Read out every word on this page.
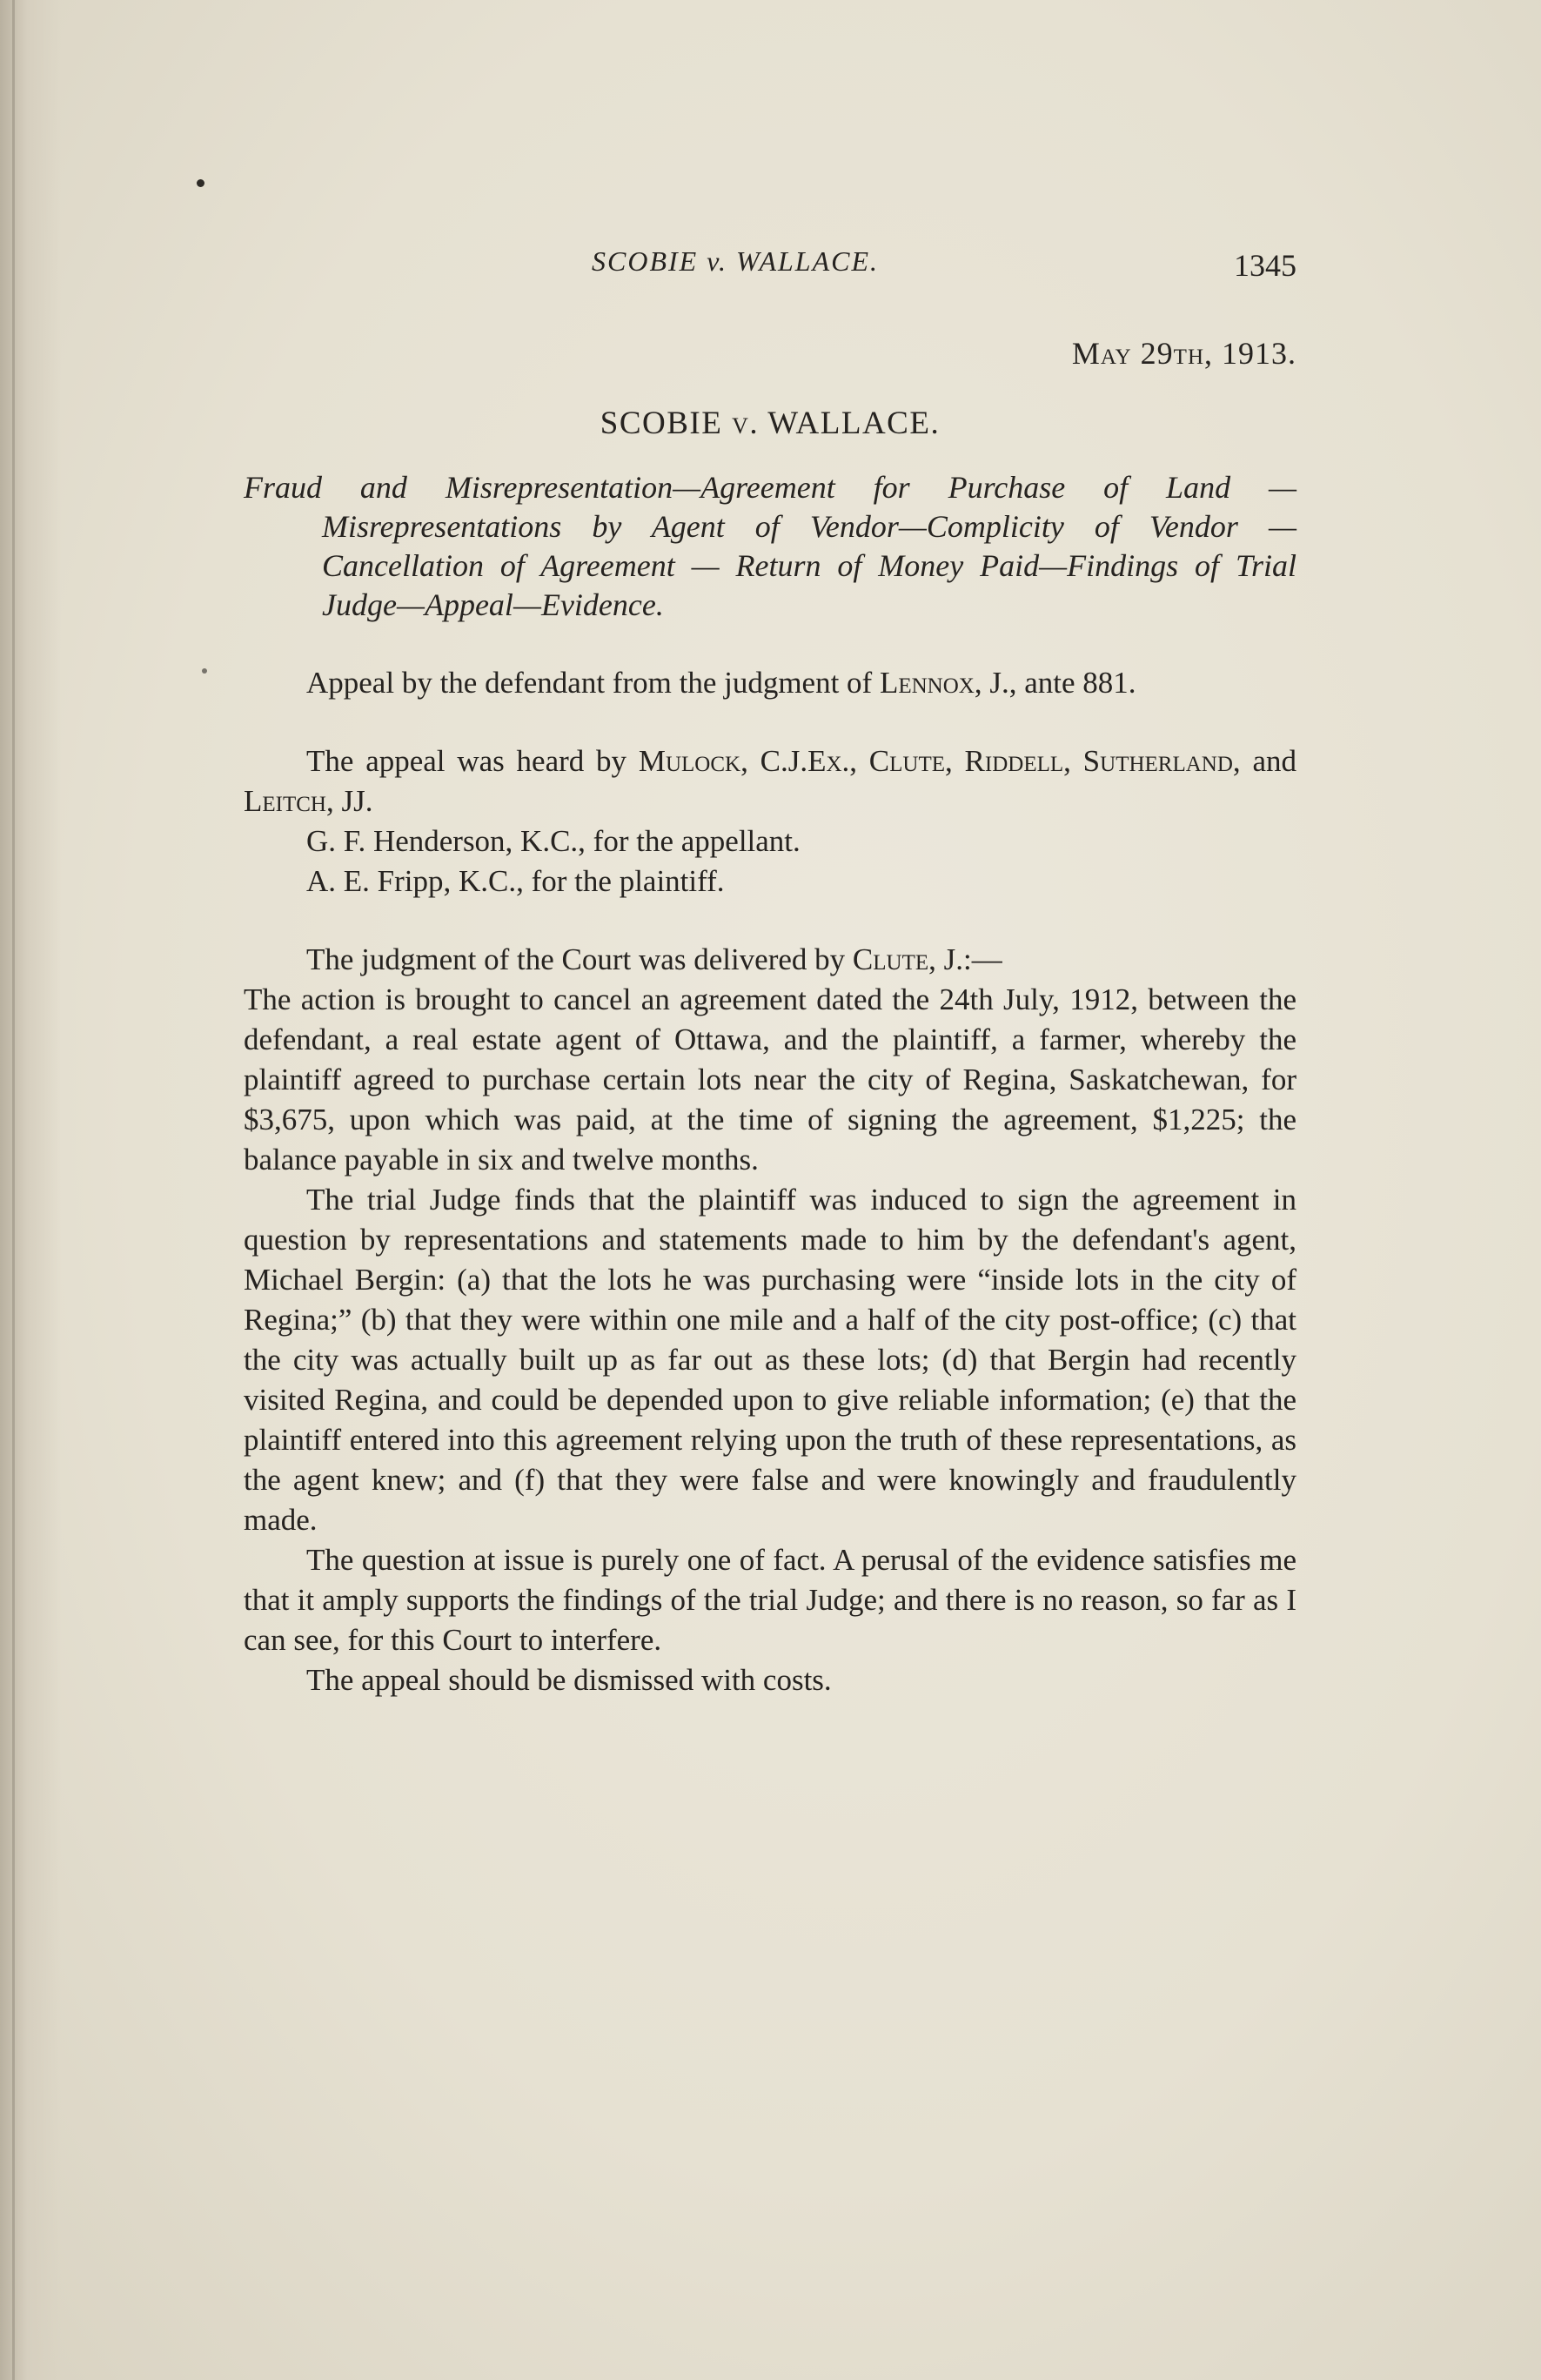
SCOBIE v. WALLACE.	1345
May 29th, 1913.
SCOBIE v. WALLACE.
Fraud and Misrepresentation—Agreement for Purchase of Land —Misrepresentations by Agent of Vendor—Complicity of Vendor — Cancellation of Agreement — Return of Money Paid—Findings of Trial Judge—Appeal—Evidence.

Appeal by the defendant from the judgment of Lennox, J., ante 881.

The appeal was heard by Mulock, C.J.Ex., Clute, Riddell, Sutherland, and Leitch, JJ.

G. F. Henderson, K.C., for the appellant.

A. E. Fripp, K.C., for the plaintiff.

The judgment of the Court was delivered by Clute, J.:—
The action is brought to cancel an agreement dated the 24th July, 1912, between the defendant, a real estate agent of Ottawa, and the plaintiff, a farmer, whereby the plaintiff agreed to purchase certain lots near the city of Regina, Saskatchewan, for $3,675, upon which was paid, at the time of signing the agreement, $1,225; the balance payable in six and twelve months.

The trial Judge finds that the plaintiff was induced to sign the agreement in question by representations and statements made to him by the defendant's agent, Michael Bergin: (a) that the lots he was purchasing were “inside lots in the city of Regina;” (b) that they were within one mile and a half of the city post-office; (c) that the city was actually built up as far out as these lots; (d) that Bergin had recently visited Regina, and could be depended upon to give reliable information; (e) that the plaintiff entered into this agreement relying upon the truth of these representations, as the agent knew; and (f) that they were false and were knowingly and fraudulently made.

The question at issue is purely one of fact. A perusal of the evidence satisfies me that it amply supports the findings of the trial Judge; and there is no reason, so far as I can see, for this Court to interfere.

The appeal should be dismissed with costs.
